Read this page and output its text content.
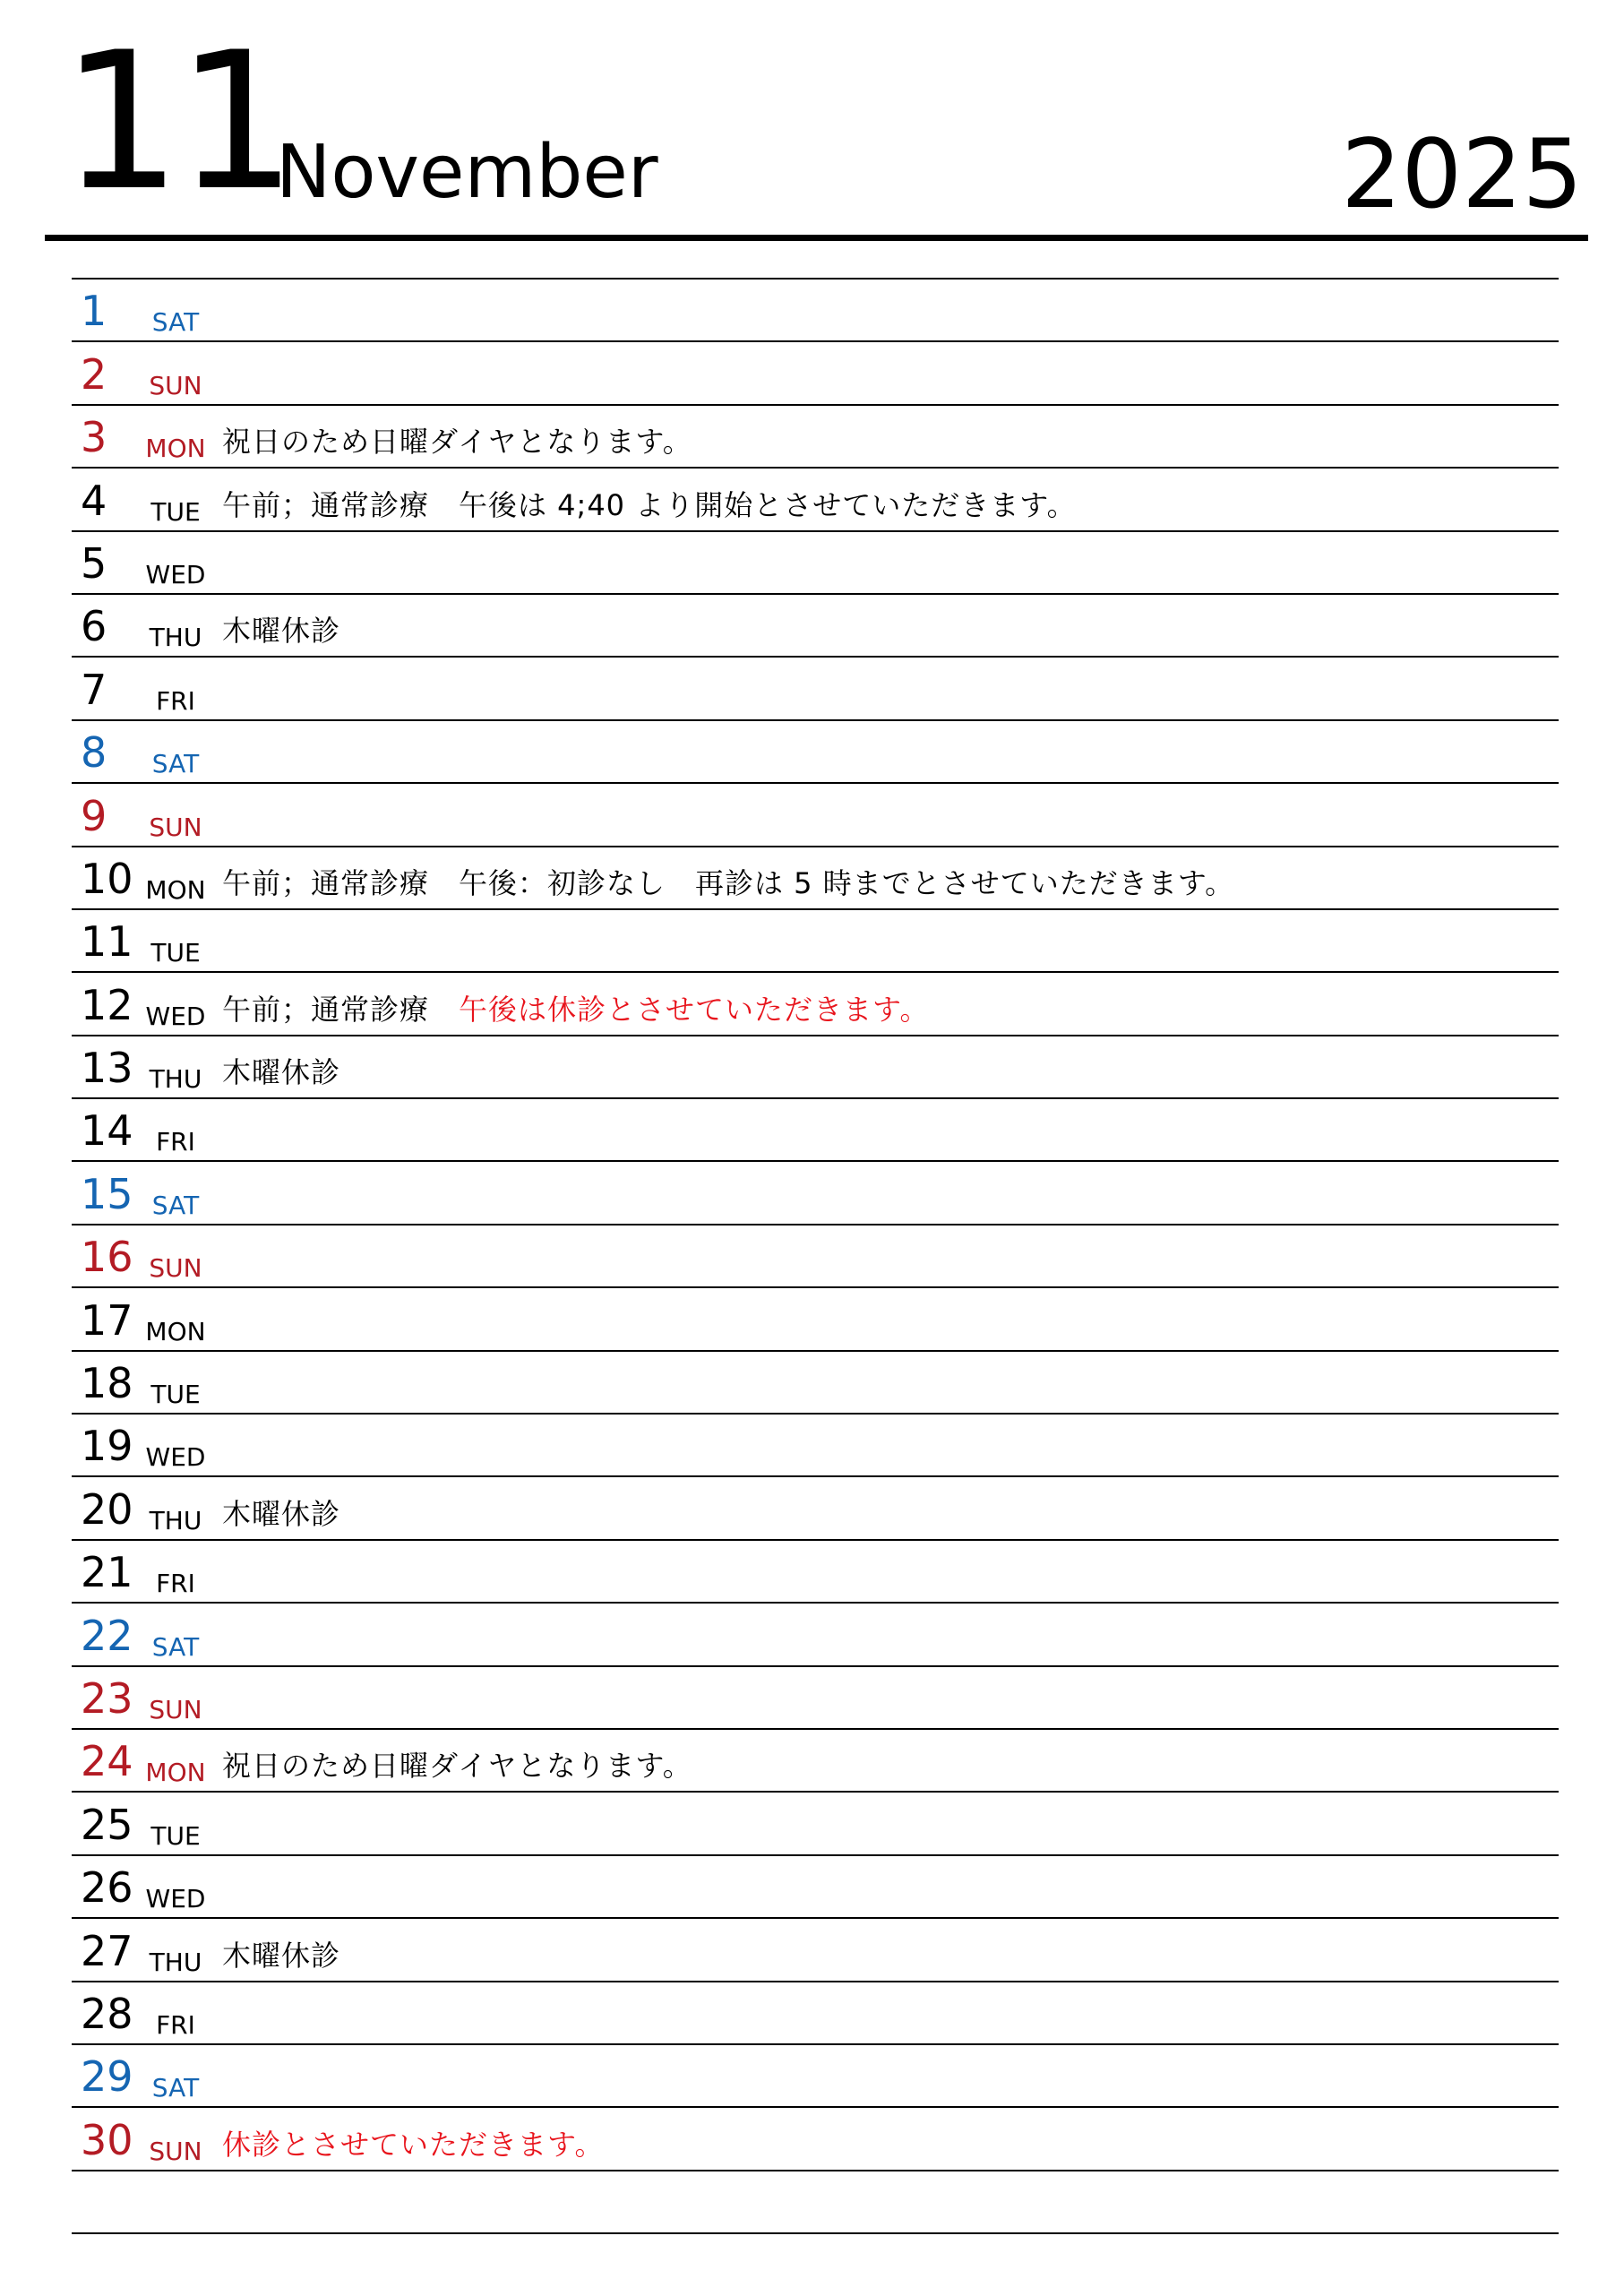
11
November	2025
1 SAT
2 SUN
3 MON 祝日のため日曜ダイヤとなります。
4 TUE 午前；通常診療　午後は 4;40 より開始とさせていただきます。
5 WED
6 THU 木曜休診
7	FRI
8 SAT
9 SUN
10 MON 午前；通常診療　午後：初診なし　再診は 5 時までとさせていただきます。
11 TUE
12 WED 午前；通常診療　午後は休診とさせていただきます。
13 THU 木曜休診
14 FRI
15 SAT
16 SUN
17 MON
18 TUE
19 WED
20 THU 木曜休診
21 FRI
22 SAT
23 SUN
24 MON 祝日のため日曜ダイヤとなります。
25 TUE
26 WED
27 THU 木曜休診
28 FRI
29 SAT
30 SUN 休診とさせていただきます。
